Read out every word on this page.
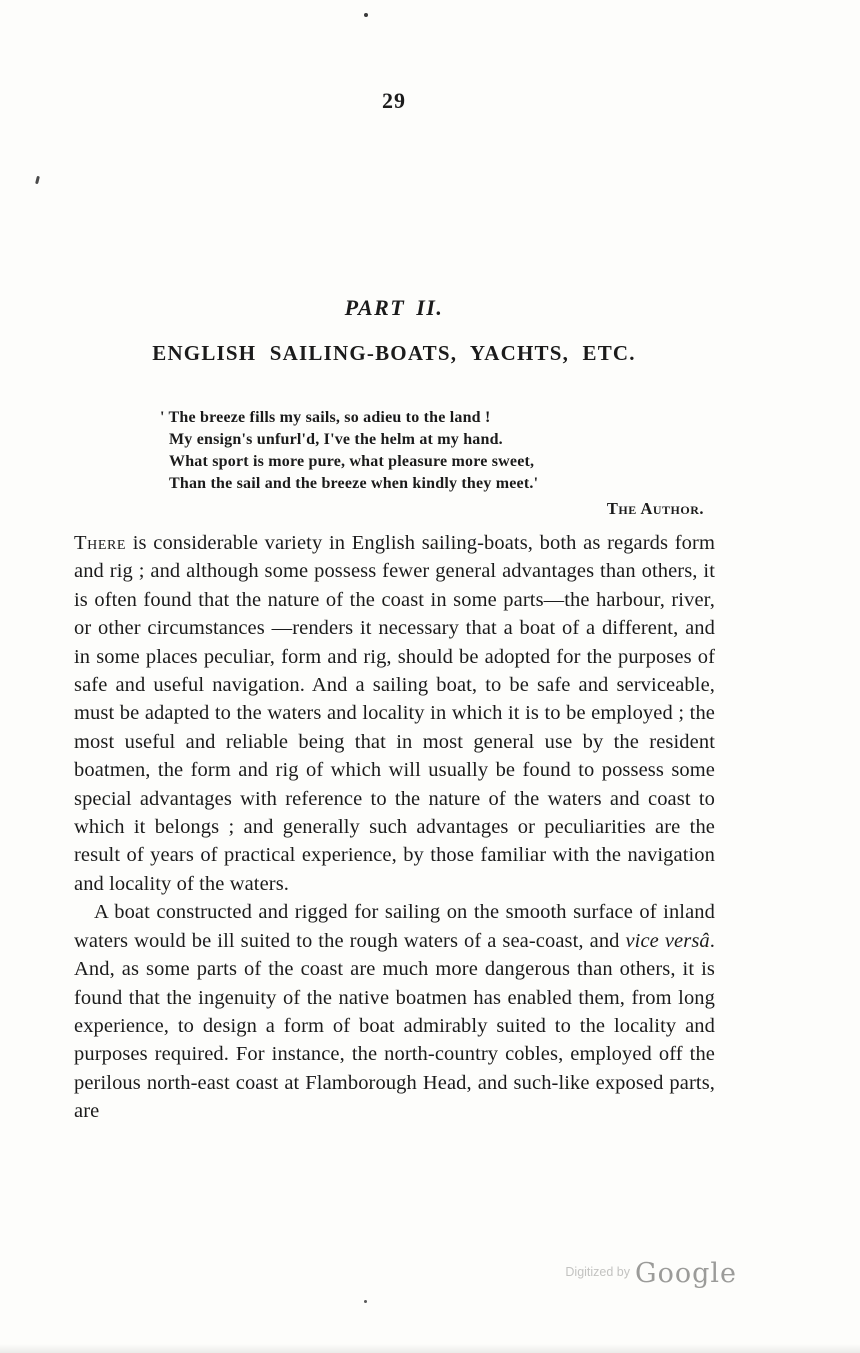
29
PART II.
ENGLISH SAILING-BOATS, YACHTS, ETC.
' The breeze fills my sails, so adieu to the land !
My ensign's unfurl'd, I've the helm at my hand.
What sport is more pure, what pleasure more sweet,
Than the sail and the breeze when kindly they meet.'
The Author.

There is considerable variety in English sailing-boats, both as regards form and rig ; and although some possess fewer general advantages than others, it is often found that the nature of the coast in some parts—the harbour, river, or other circumstances —renders it necessary that a boat of a different, and in some places peculiar, form and rig, should be adopted for the purposes of safe and useful navigation. And a sailing boat, to be safe and serviceable, must be adapted to the waters and locality in which it is to be employed ; the most useful and reliable being that in most general use by the resident boatmen, the form and rig of which will usually be found to possess some special advantages with reference to the nature of the waters and coast to which it belongs ; and generally such advantages or peculiarities are the result of years of practical experience, by those familiar with the navigation and locality of the waters.

A boat constructed and rigged for sailing on the smooth surface of inland waters would be ill suited to the rough waters of a sea-coast, and vice versâ. And, as some parts of the coast are much more dangerous than others, it is found that the ingenuity of the native boatmen has enabled them, from long experience, to design a form of boat admirably suited to the locality and purposes required. For instance, the north-country cobles, employed off the perilous north-east coast at Flamborough Head, and such-like exposed parts, are

$^{Digitized by}$ Google
